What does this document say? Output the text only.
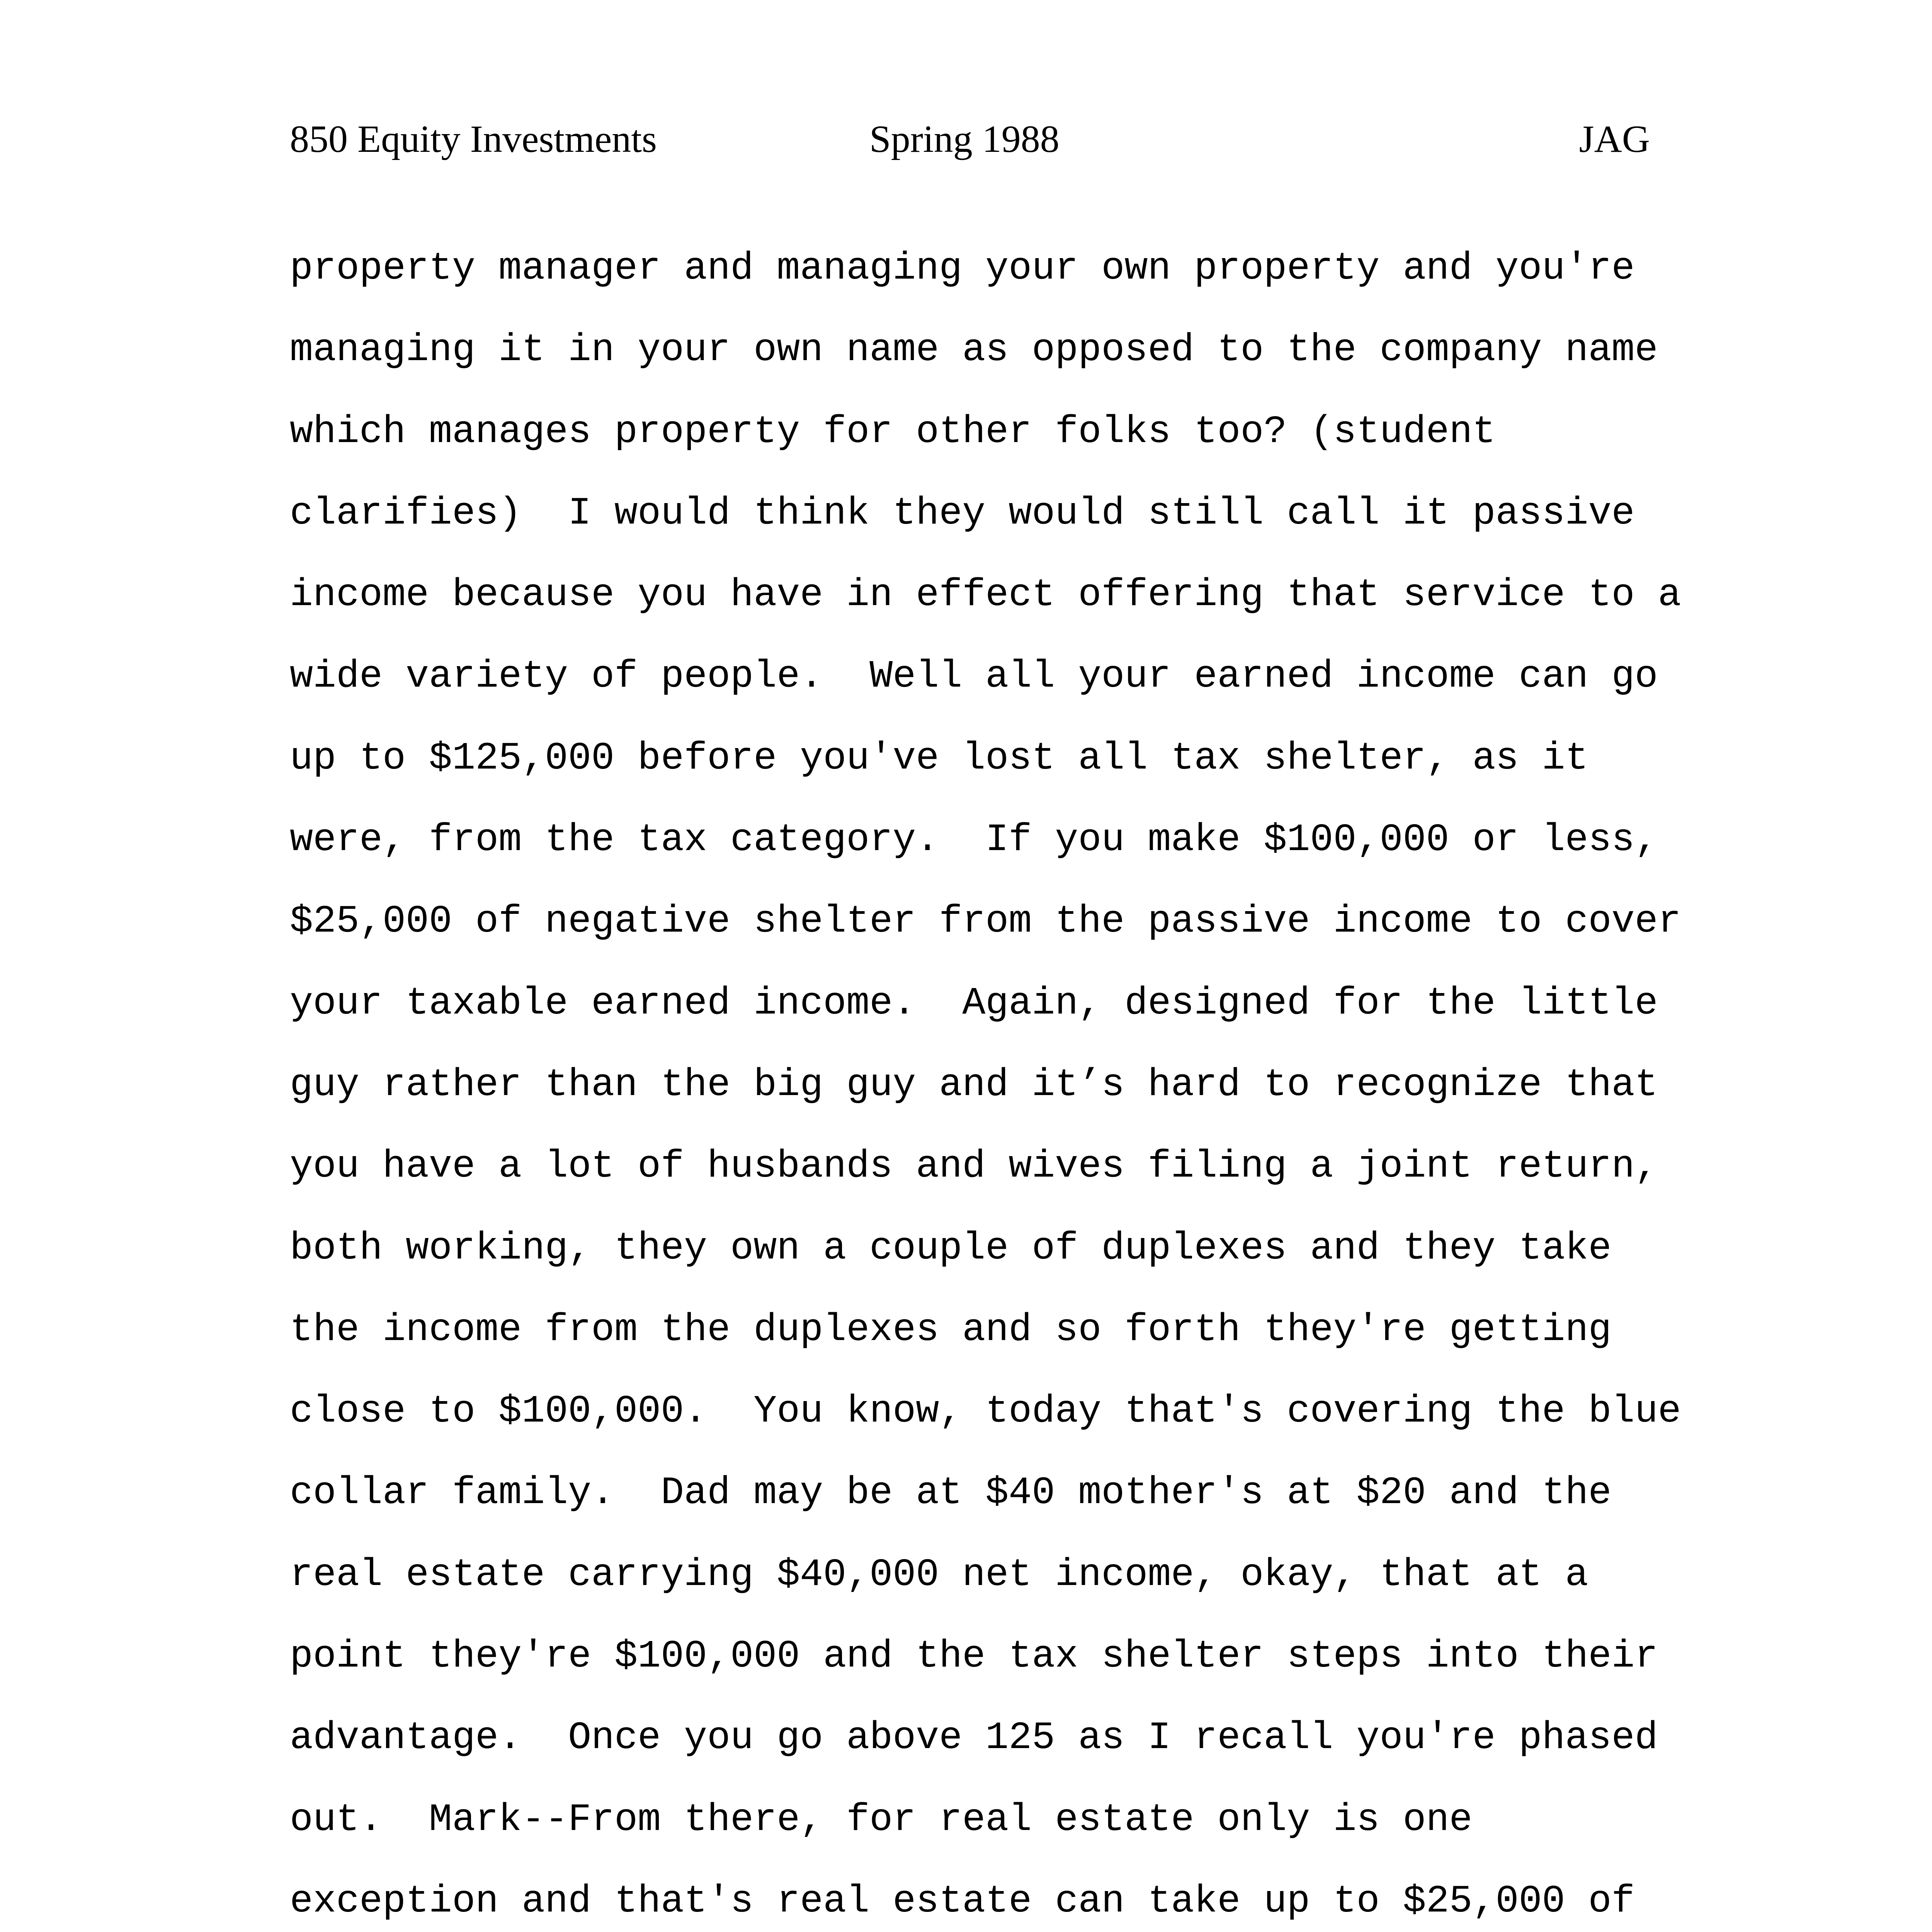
850 Equity Investments	Spring 1988	JAG
property manager and managing your own property and you're
managing it in your own name as opposed to the company name
which manages property for other folks too? (student
clarifies)  I would think they would still call it passive
income because you have in effect offering that service to a
wide variety of people.  Well all your earned income can go
up to $125,000 before you've lost all tax shelter, as it
were, from the tax category.  If you make $100,000 or less,
$25,000 of negative shelter from the passive income to cover
your taxable earned income.  Again, designed for the little
guy rather than the big guy and it’s hard to recognize that
you have a lot of husbands and wives filing a joint return,
both working, they own a couple of duplexes and they take
the income from the duplexes and so forth they're getting
close to $100,000.  You know, today that's covering the blue
collar family.  Dad may be at $40 mother's at $20 and the
real estate carrying $40,000 net income, okay, that at a
point they're $100,000 and the tax shelter steps into their
advantage.  Once you go above 125 as I recall you're phased
out.  Mark--From there, for real estate only is one
exception and that's real estate can take up to $25,000 of
